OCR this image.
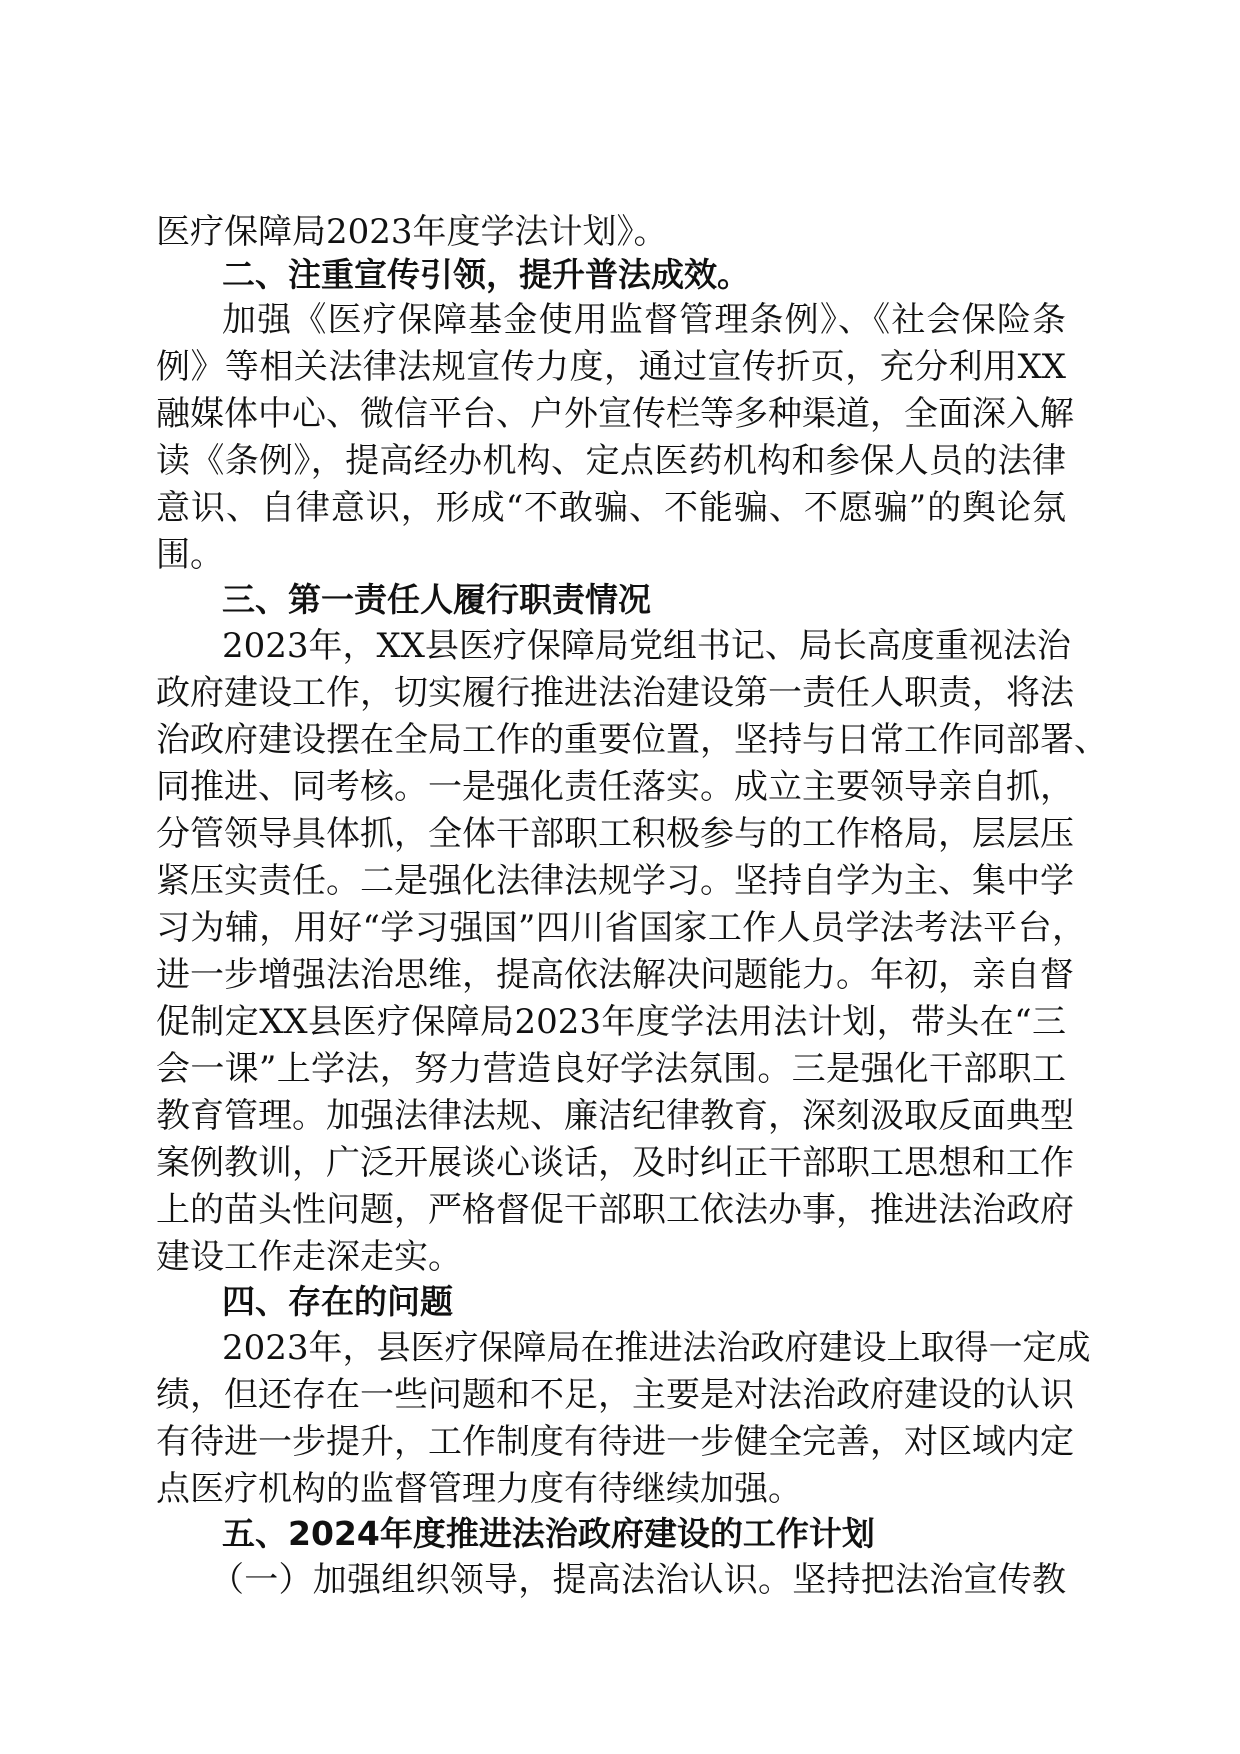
医疗保障局2023年度学法计划》。
二、注重宣传引领，提升普法成效。
加强《医疗保障基金使用监督管理条例》、《社会保险条
例》等相关法律法规宣传力度，通过宣传折页，充分利用XX
融媒体中心、微信平台、户外宣传栏等多种渠道，全面深入解
读《条例》，提高经办机构、定点医药机构和参保人员的法律
意识、自律意识，形成“不敢骗、不能骗、不愿骗”的舆论氛
围。
三、第一责任人履行职责情况
2023年，XX县医疗保障局党组书记、局长高度重视法治
政府建设工作，切实履行推进法治建设第一责任人职责，将法
治政府建设摆在全局工作的重要位置，坚持与日常工作同部署、
同推进、同考核。一是强化责任落实。成立主要领导亲自抓，
分管领导具体抓，全体干部职工积极参与的工作格局，层层压
紧压实责任。二是强化法律法规学习。坚持自学为主、集中学
习为辅，用好“学习强国”四川省国家工作人员学法考法平台，
进一步增强法治思维，提高依法解决问题能力。年初，亲自督
促制定XX县医疗保障局2023年度学法用法计划，带头在“三
会一课”上学法，努力营造良好学法氛围。三是强化干部职工
教育管理。加强法律法规、廉洁纪律教育，深刻汲取反面典型
案例教训，广泛开展谈心谈话，及时纠正干部职工思想和工作
上的苗头性问题，严格督促干部职工依法办事，推进法治政府
建设工作走深走实。
四、存在的问题
2023年，县医疗保障局在推进法治政府建设上取得一定成
绩，但还存在一些问题和不足，主要是对法治政府建设的认识
有待进一步提升，工作制度有待进一步健全完善，对区域内定
点医疗机构的监督管理力度有待继续加强。
五、2024年度推进法治政府建设的工作计划
（一）加强组织领导，提高法治认识。坚持把法治宣传教
